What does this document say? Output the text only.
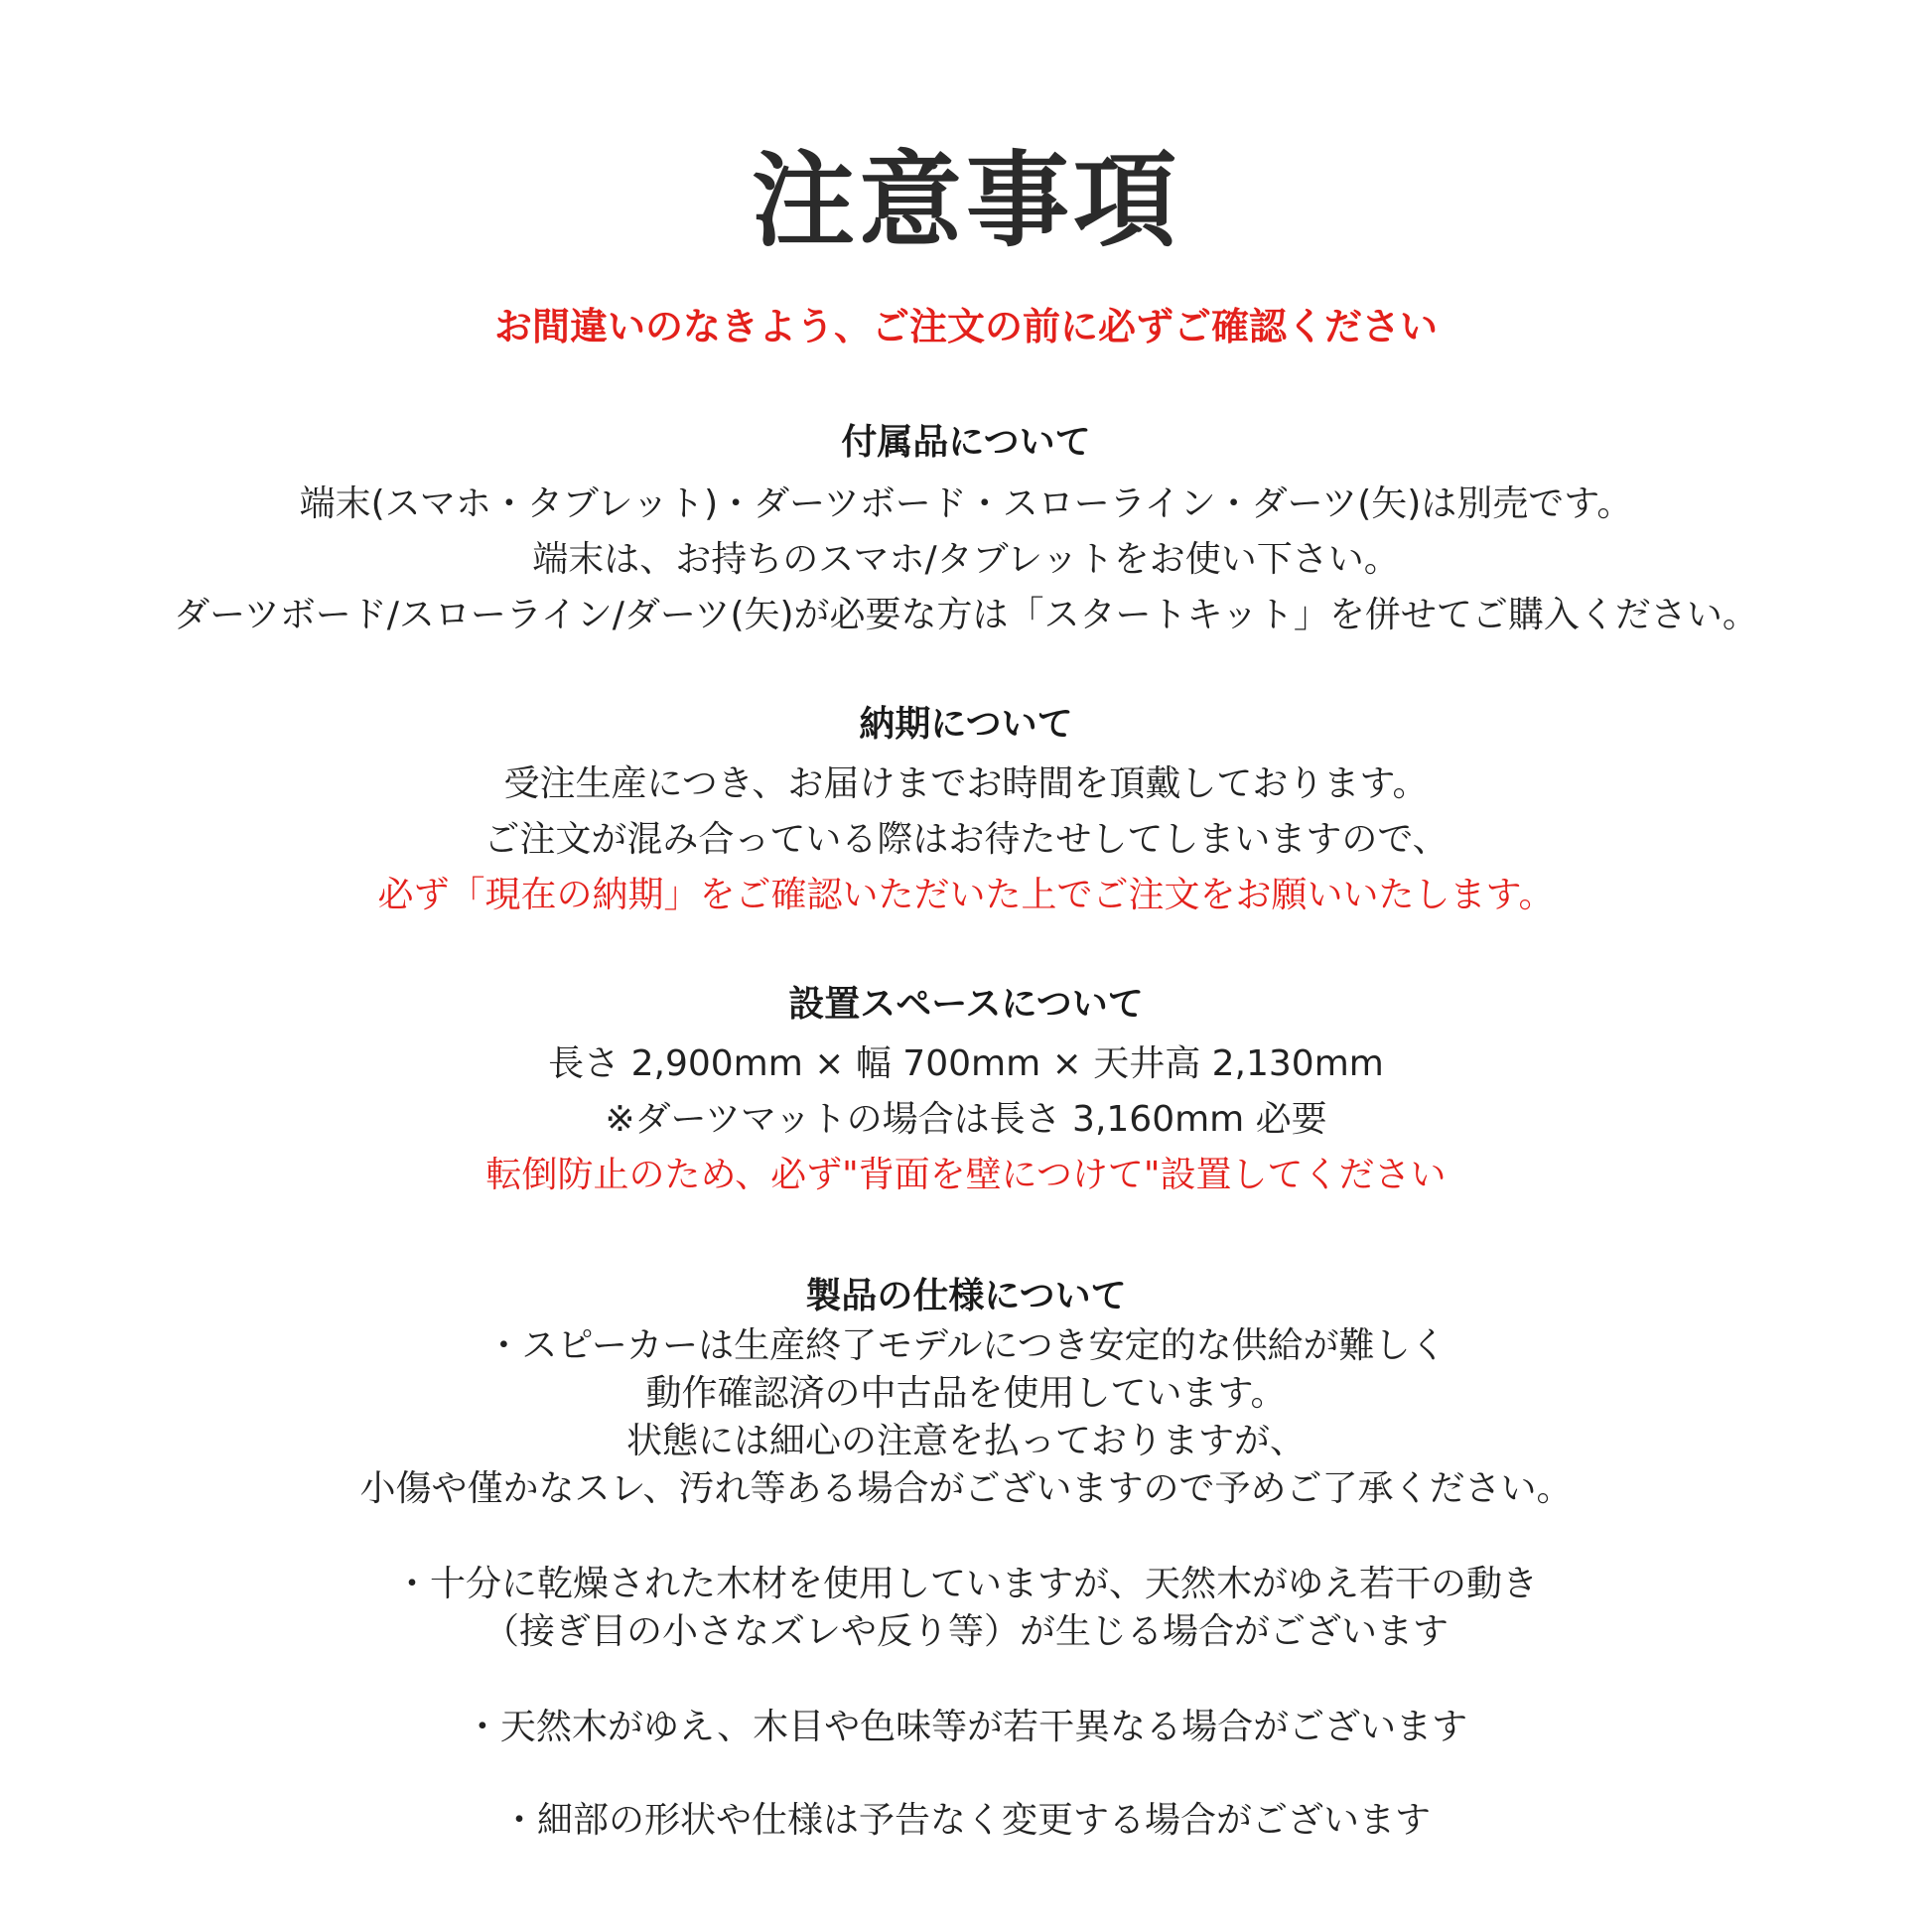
注意事項
お間違いのなきよう、ご注文の前に必ずご確認ください
付属品について
端末(スマホ・タブレット)・ダーツボード・スローライン・ダーツ(矢)は別売です。
端末は、お持ちのスマホ/タブレットをお使い下さい。
ダーツボード/スローライン/ダーツ(矢)が必要な方は「スタートキット」を併せてご購入ください。
納期について
受注生産につき、お届けまでお時間を頂戴しております。
ご注文が混み合っている際はお待たせしてしまいますので、
必ず「現在の納期」をご確認いただいた上でご注文をお願いいたします。
設置スペースについて
長さ 2,900mm × 幅 700mm × 天井高 2,130mm
※ダーツマットの場合は長さ 3,160mm 必要
転倒防止のため、必ず"背面を壁につけて"設置してください
製品の仕様について
・スピーカーは生産終了モデルにつき安定的な供給が難しく
動作確認済の中古品を使用しています。
状態には細心の注意を払っておりますが、
小傷や僅かなスレ、汚れ等ある場合がございますので予めご了承ください。
・十分に乾燥された木材を使用していますが、天然木がゆえ若干の動き
（接ぎ目の小さなズレや反り等）が生じる場合がございます
・天然木がゆえ、木目や色味等が若干異なる場合がございます
・細部の形状や仕様は予告なく変更する場合がございます
